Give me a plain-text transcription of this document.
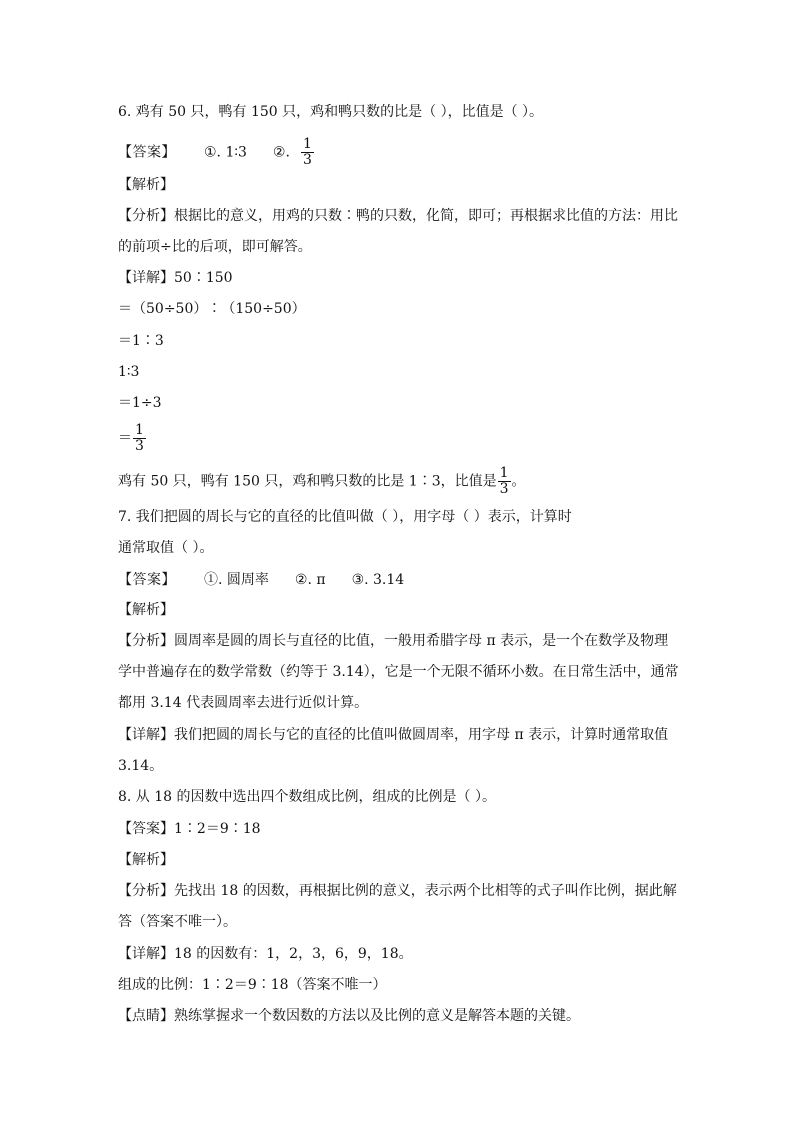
6. 鸡有 50 只，鸭有 150 只，鸡和鸭只数的比是（ ），比值是（ ）。
【答案】 ①. 1∶3 ②. $\frac{1}{3}$
【解析】
【分析】根据比的意义，用鸡的只数∶鸭的只数，化简，即可；再根据求比值的方法：用比
的前项÷比的后项，即可解答。
【详解】50∶150
＝（50÷50）∶（150÷50）
＝1∶3
1∶3
＝1÷3
＝ $\frac{1}{3}$
鸡有 50 只，鸭有 150 只，鸡和鸭只数的比是 1∶3，比值是 $\frac{1}{3}$ 。
7. 我们把圆的周长与它的直径的比值叫做（ ），用字母（ ）表示，计算时
通常取值（ ）。
【答案】 ①. 圆周率 ②. π ③. 3.14
【解析】
【分析】圆周率是圆的周长与直径的比值，一般用希腊字母 π 表示，是一个在数学及物理
学中普遍存在的数学常数（约等于 3.14），它是一个无限不循环小数。在日常生活中，通常
都用 3.14 代表圆周率去进行近似计算。
【详解】我们把圆的周长与它的直径的比值叫做圆周率，用字母 π 表示，计算时通常取值
3.14。
8. 从 18 的因数中选出四个数组成比例，组成的比例是（ ）。
【答案】1∶2＝9∶18
【解析】
【分析】先找出 18 的因数，再根据比例的意义，表示两个比相等的式子叫作比例，据此解
答（答案不唯一）。
【详解】18 的因数有：1，2，3，6，9，18。
组成的比例：1∶2＝9∶18（答案不唯一）
【点睛】熟练掌握求一个数因数的方法以及比例的意义是解答本题的关键。
